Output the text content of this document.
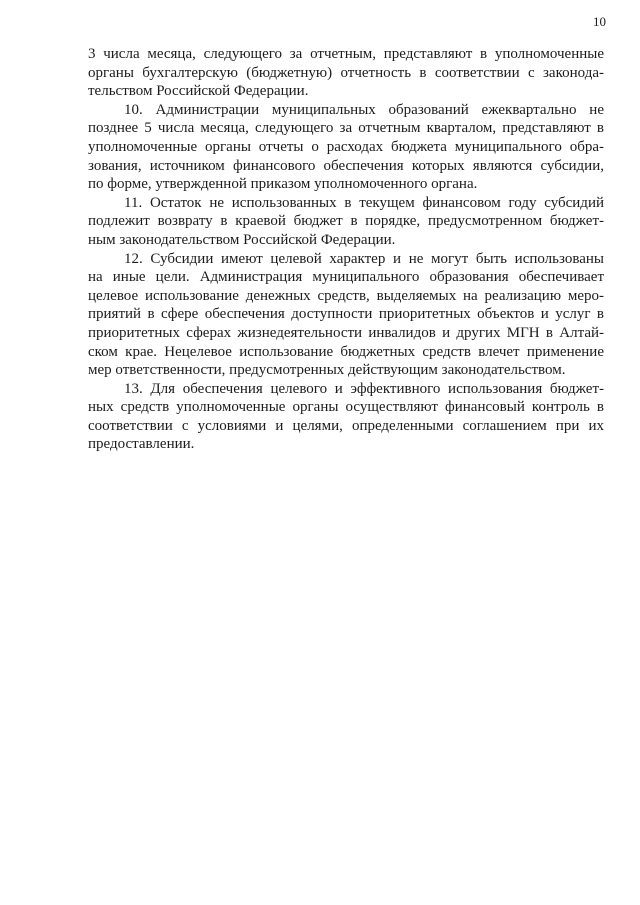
10
3 числа месяца, следующего за отчетным, представляют в уполномоченные
органы бухгалтерскую (бюджетную) отчетность в соответствии с законода-
тельством Российской Федерации.
10. Администрации муниципальных образований ежеквартально не
позднее 5 числа месяца, следующего за отчетным кварталом, представляют в
уполномоченные органы отчеты о расходах бюджета муниципального обра-
зования, источником финансового обеспечения которых являются субсидии,
по форме, утвержденной приказом уполномоченного органа.
11. Остаток не использованных в текущем финансовом году субсидий
подлежит возврату в краевой бюджет в порядке, предусмотренном бюджет-
ным законодательством Российской Федерации.
12. Субсидии имеют целевой характер и не могут быть использованы
на иные цели. Администрация муниципального образования обеспечивает
целевое использование денежных средств, выделяемых на реализацию меро-
приятий в сфере обеспечения доступности приоритетных объектов и услуг в
приоритетных сферах жизнедеятельности инвалидов и других МГН в Алтай-
ском крае. Нецелевое использование бюджетных средств влечет применение
мер ответственности, предусмотренных действующим законодательством.
13. Для обеспечения целевого и эффективного использования бюджет-
ных средств уполномоченные органы осуществляют финансовый контроль в
соответствии с условиями и целями, определенными соглашением при их
предоставлении.
